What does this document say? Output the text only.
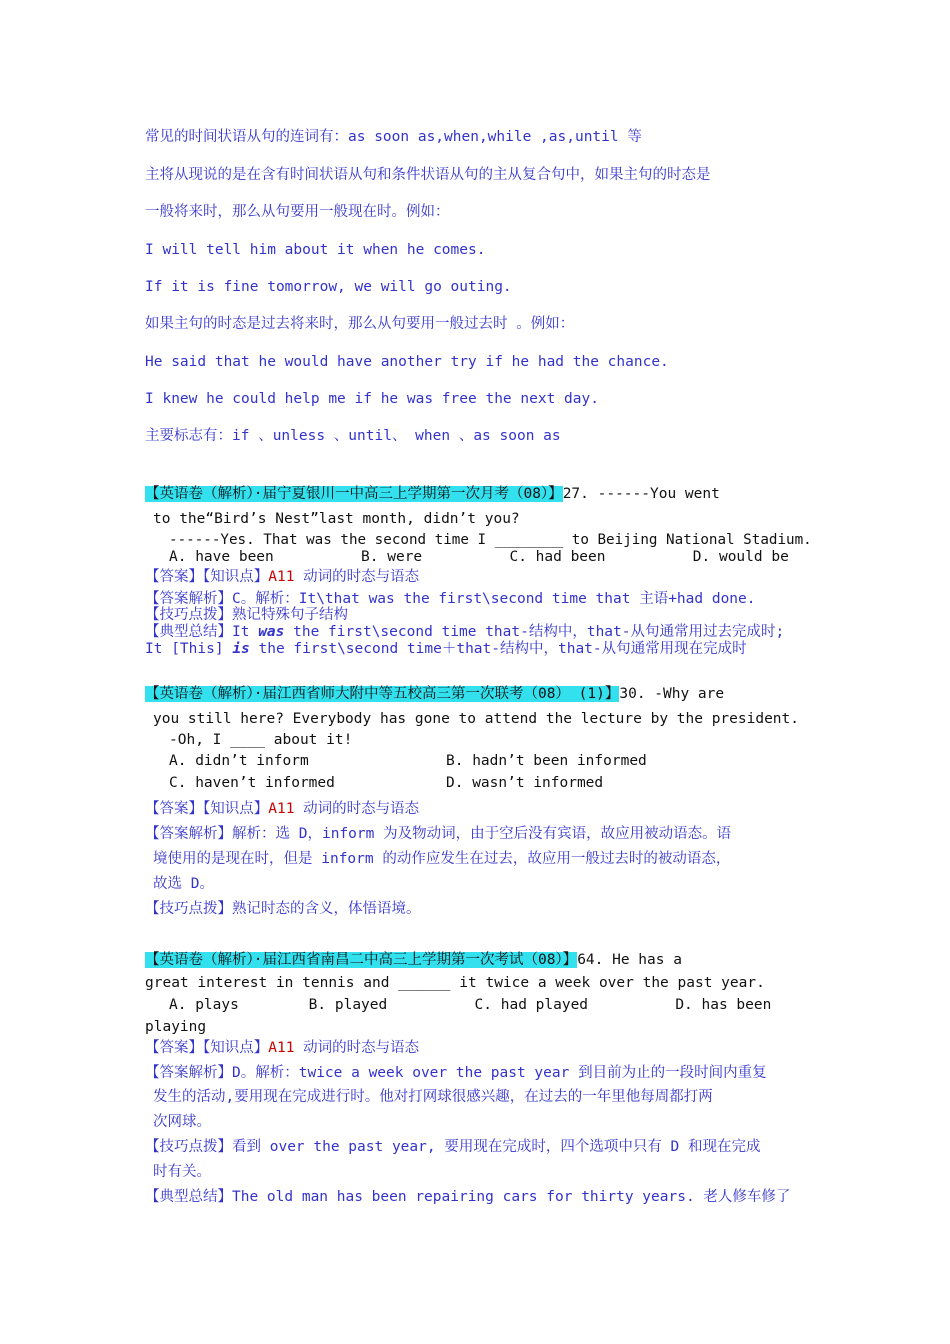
常见的时间状语从句的连词有：as soon as,when,while ,as,until 等
主将从现说的是在含有时间状语从句和条件状语从句的主从复合句中，如果主句的时态是
一般将来时，那么从句要用一般现在时。例如：
I will tell him about it when he comes.
If it is fine tomorrow, we will go outing.
如果主句的时态是过去将来时，那么从句要用一般过去时 。例如：
He said that he would have another try if he had the chance.
I knew he could help me if he was free the next day.
主要标志有：if 、unless 、until、 when 、as soon as
【英语卷（解析）·届宁夏银川一中高三上学期第一次月考（08）】27. ------You went
to the“Bird’s Nest”last month, didn’t you?
------Yes. That was the second time I ________ to Beijing National Stadium.
A. have been          B. were          C. had been          D. would be
【答案】【知识点】A11 动词的时态与语态
【答案解析】C。解析：It\that was the first\second time that 主语+had done.
【技巧点拨】熟记特殊句子结构
【典型总结】It was the first\second time that-结构中，that-从句通常用过去完成时;
It [This] is the first\second time＋that-结构中，that-从句通常用现在完成时
【英语卷（解析）·届江西省师大附中等五校高三第一次联考（08） (1)】30. -Why are
you still here? Everybody has gone to attend the lecture by the president.
-Oh, I ____ about it!
A. didn’t inform	B. hadn’t been informed
C. haven’t informed	D. wasn’t informed
【答案】【知识点】A11 动词的时态与语态
【答案解析】解析：选 D，inform 为及物动词，由于空后没有宾语，故应用被动语态。语
境使用的是现在时，但是 inform 的动作应发生在过去，故应用一般过去时的被动语态，
故选 D。
【技巧点拨】熟记时态的含义，体悟语境。
【英语卷（解析）·届江西省南昌二中高三上学期第一次考试（08）】64. He has a
great interest in tennis and ______ it twice a week over the past year.
A. plays        B. played          C. had played          D. has been
playing
【答案】【知识点】A11 动词的时态与语态
【答案解析】D。解析：twice a week over the past year 到目前为止的一段时间内重复
发生的活动,要用现在完成进行时。他对打网球很感兴趣，在过去的一年里他每周都打两
次网球。
【技巧点拨】看到 over the past year, 要用现在完成时，四个选项中只有 D 和现在完成
时有关。
【典型总结】The old man has been repairing cars for thirty years. 老人修车修了
